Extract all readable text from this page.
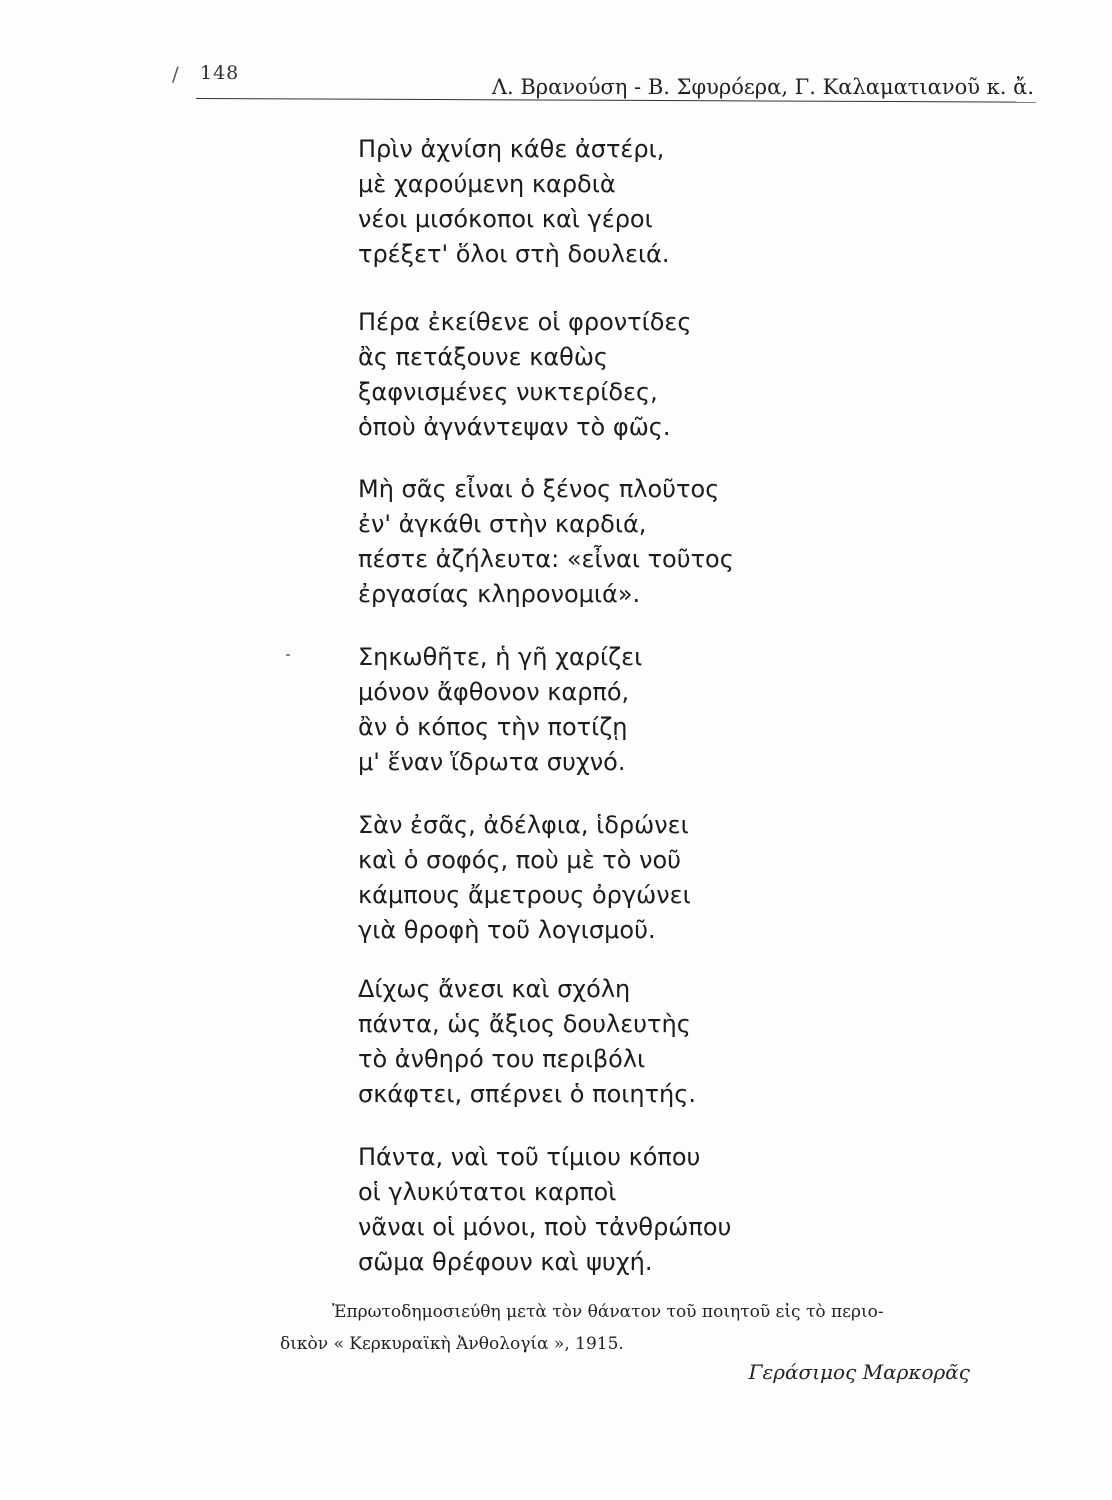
/ 148
Λ. Βρανούση - Β. Σφυρόερα, Γ. Καλαματιανοῦ κ. ἄ.
Πρὶν ἀχνίση κάθε ἀστέρι,
μὲ χαρούμενη καρδιὰ
νέοι μισόκοποι καὶ γέροι
τρέξετ' ὅλοι στὴ δουλειά.
Πέρα ἐκείθενε οἱ φροντίδες
ἂς πετάξουνε καθὼς
ξαφνισμένες νυκτερίδες,
ὁποὺ ἀγνάντεψαν τὸ φῶς.
Μὴ σᾶς εἶναι ὁ ξένος πλοῦτος
ἐν' ἀγκάθι στὴν καρδιά,
πέστε ἀζήλευτα: «εἶναι τοῦτος
ἐργασίας κληρονομιά».
Σηκωθῆτε, ἡ γῆ χαρίζει
μόνον ἄφθονον καρπό,
ἂν ὁ κόπος τὴν ποτίζῃ
μ' ἕναν ἵδρωτα συχνό.
Σὰν ἐσᾶς, ἀδέλφια, ἱδρώνει
καὶ ὁ σοφός, ποὺ μὲ τὸ νοῦ
κάμπους ἄμετρους ὀργώνει
γιὰ θροφὴ τοῦ λογισμοῦ.
Δίχως ἄνεσι καὶ σχόλη
πάντα, ὡς ἄξιος δουλευτὴς
τὸ ἀνθηρό του περιβόλι
σκάφτει, σπέρνει ὁ ποιητής.
Πάντα, ναὶ τοῦ τίμιου κόπου
οἱ γλυκύτατοι καρποὶ
νᾶναι οἱ μόνοι, ποὺ τἀνθρώπου
σῶμα θρέφουν καὶ ψυχή.
Ἐπρωτοδημοσιεύθη μετὰ τὸν θάνατον τοῦ ποιητοῦ εἰς τὸ περιο-
δικὸν « Κερκυραϊκὴ Ἀνθολογία », 1915.
Γεράσιμος Μαρκορᾶς
